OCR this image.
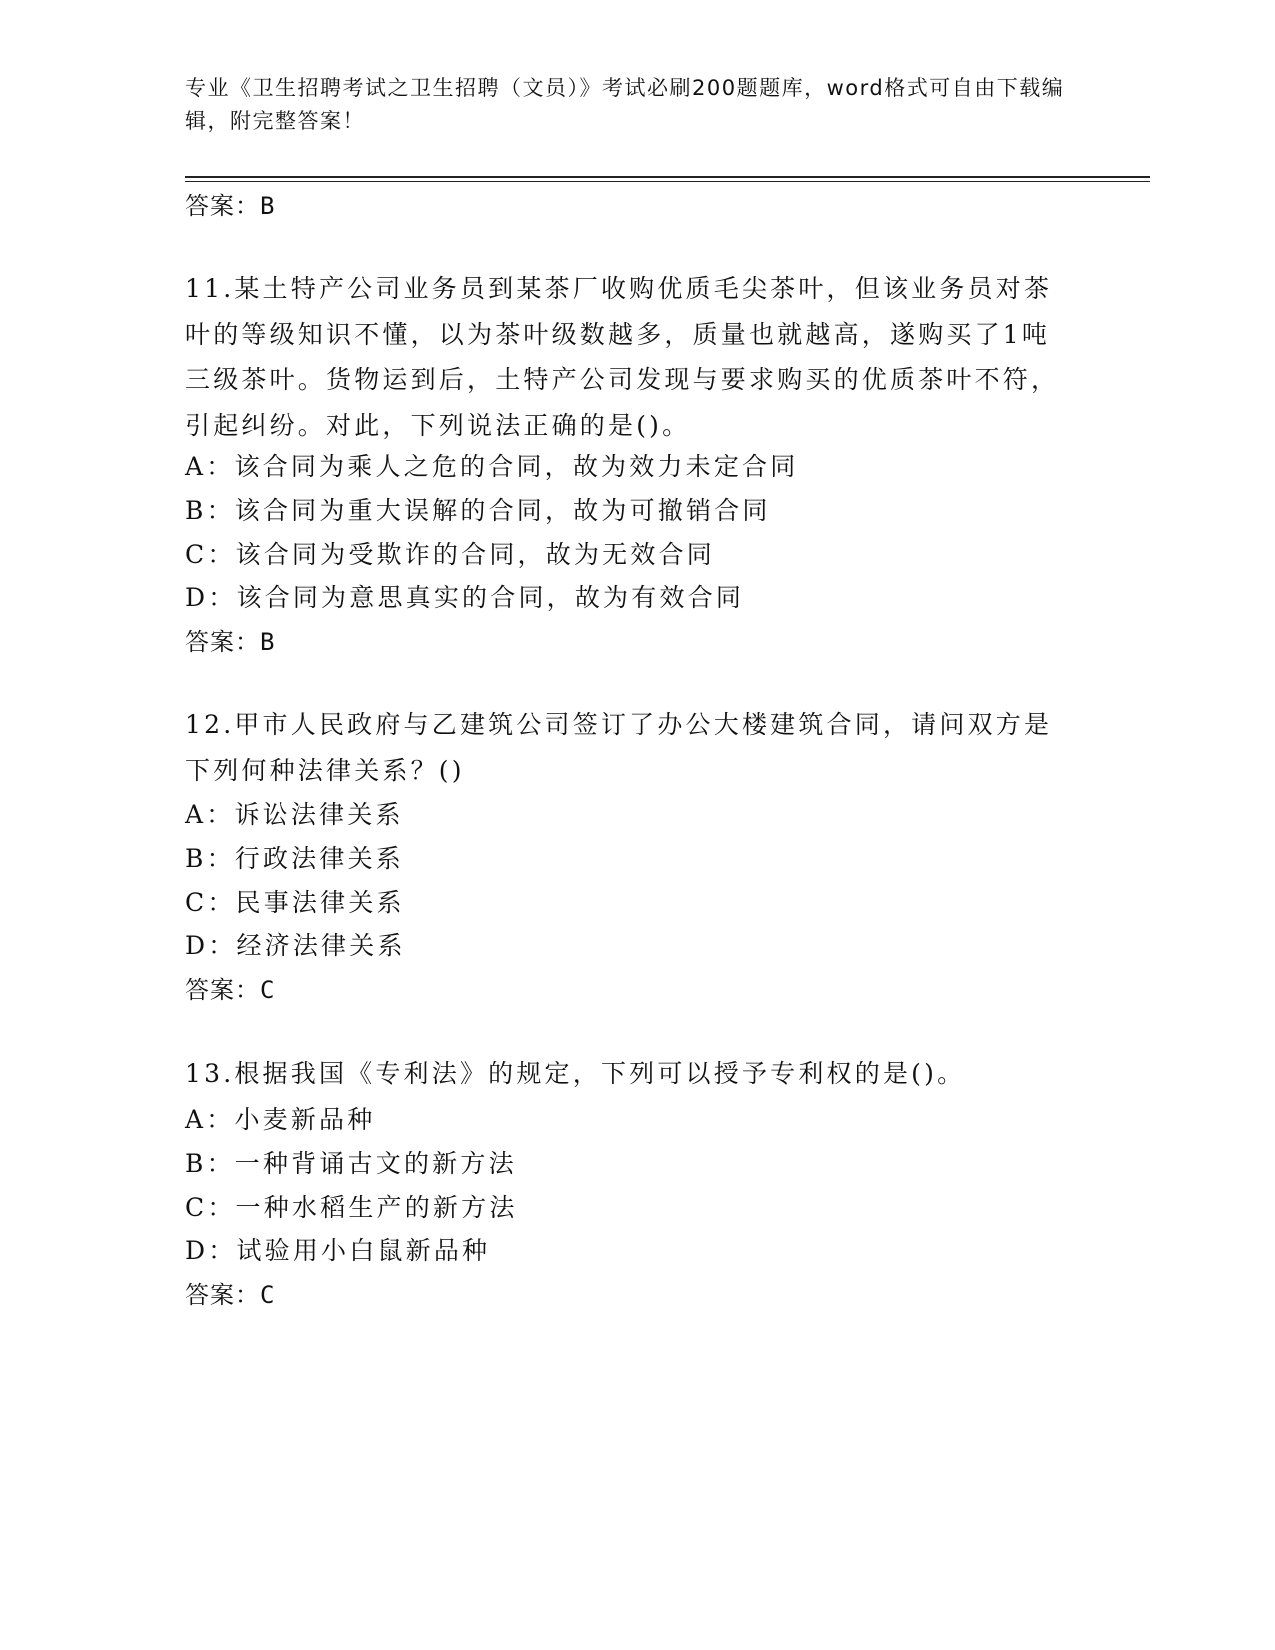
专业《卫生招聘考试之卫生招聘（文员）》考试必刷200题题库，word格式可自由下载编辑，附完整答案！
答案：B

11.某土特产公司业务员到某茶厂收购优质毛尖茶叶，但该业务员对茶叶的等级知识不懂，以为茶叶级数越多，质量也就越高，遂购买了1吨三级茶叶。货物运到后，土特产公司发现与要求购买的优质茶叶不符，引起纠纷。对此，下列说法正确的是()。

A：该合同为乘人之危的合同，故为效力未定合同
B：该合同为重大误解的合同，故为可撤销合同
C：该合同为受欺诈的合同，故为无效合同
D：该合同为意思真实的合同，故为有效合同
答案：B

12.甲市人民政府与乙建筑公司签订了办公大楼建筑合同，请问双方是下列何种法律关系？()

A：诉讼法律关系
B：行政法律关系
C：民事法律关系
D：经济法律关系
答案：C

13.根据我国《专利法》的规定，下列可以授予专利权的是()。

A：小麦新品种
B：一种背诵古文的新方法
C：一种水稻生产的新方法
D：试验用小白鼠新品种
答案：C
